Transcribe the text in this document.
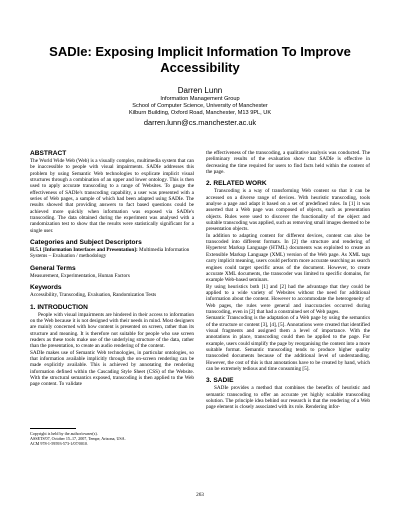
SADIe: Exposing Implicit Information To Improve Accessibility
Darren Lunn
Information Management Group
School of Computer Science, University of Manchester
Kilburn Building, Oxford Road, Manchester, M13 9PL, UK
darren.lunn@cs.manchester.ac.uk
ABSTRACT

The World Wide Web (Web) is a visually complex, multimedia system that can be inaccessible to people with visual impairments. SADIe addresses this problem by using Semantic Web technologies to explicate implicit visual structures through a combination of an upper and lower ontology. This is then used to apply accurate transcoding to a range of Websites. To gauge the effectiveness of SADIe's transcoding capability, a user was presented with a series of Web pages, a sample of which had been adapted using SADIe. The results showed that providing answers to fact based questions could be achieved more quickly when information was exposed via SADIe's transcoding. The data obtained during the experiment was analysed with a randomization test to show that the results were statistically significant for a single user.

Categories and Subject Descriptors

H.5.1 [Information Interfaces and Presentation]: Multimedia Information Systems – Evaluation / methodology

General Terms

Measurement, Experimentation, Human Factors

Keywords

Accessibility, Transcoding, Evaluation, Randomization Tests

1. INTRODUCTION

People with visual impairments are hindered in their access to information on the Web because it is not designed with their needs in mind. Most designers are mainly concerned with how content is presented on screen, rather than its structure and meaning. It is therefore not suitable for people who use screen readers as these tools make use of the underlying structure of the data, rather than the presentation, to create an audio rendering of the content.

SADIe makes use of Semantic Web technologies, in particular ontologies, so that information available implicitly through the on-screen rendering can be made explicitly available. This is achieved by annotating the rendering information defined within the Cascading Style Sheet (CSS) of the Website. With the structural semantics exposed, transcoding is then applied to the Web page content. To validate

Copyright is held by the author/owner(s).
ASSETS'07, October 15–17, 2007, Tempe, Arizona, USA.
ACM 978-1-59593-573-1/07/0010.

the effectiveness of the transcoding, a qualitative analysis was conducted. The preliminary results of the evaluation show that SADIe is effective in decreasing the time required for users to find facts held within the content of the page.

2. RELATED WORK

Transcoding is a way of transforming Web content so that it can be accessed on a diverse range of devices. With heuristic transcoding, tools analyse a page and adapt it based on a set of predefined rules. In [1] it was asserted that a Web page was composed of objects, such as presentation objects. Rules were used to discover the functionality of the object and suitable transcoding was applied, such as removing small images deemed to be presentation objects.

In addition to adapting content for different devices, content can also be transcoded into different formats. In [2] the structure and rendering of Hypertext Markup Language (HTML) documents was exploited to create an Extensible Markup Language (XML) version of the Web page. As XML tags carry implicit meaning, users could perform more accurate searching as search engines could target specific areas of the document. However, to create accurate XML documents, the transcoder was limited to specific domains, for example Web-based seminars.

By using heuristics both [1] and [2] had the advantage that they could be applied to a wide variety of Websites without the need for additional information about the content. However to accommodate the heterogeneity of Web pages, the rules were general and inaccuracies occurred during transcoding, even in [2] that had a constrained set of Web pages.

Semantic Transcoding is the adaptation of a Web page by using the semantics of the structure or content [3], [4], [5]. Annotations were created that identified visual fragments and assigned them a level of importance. With the annotations in place, transcoding could then be applied to the page. For example, users could simplify the page by reorganising the content into a more suitable format. Semantic transcoding tends to produce higher quality transcoded documents because of the additional level of understanding. However, the cost of this is that annotations have to be created by hand, which can be extremely tedious and time consuming [5].

3. SADIE

SADIe provides a method that combines the benefits of heuristic and semantic transcoding to offer an accurate yet highly scalable transcoding solution. The principle idea behind our research is that the rendering of a Web page element is closely associated with its role. Rendering infor-

263
